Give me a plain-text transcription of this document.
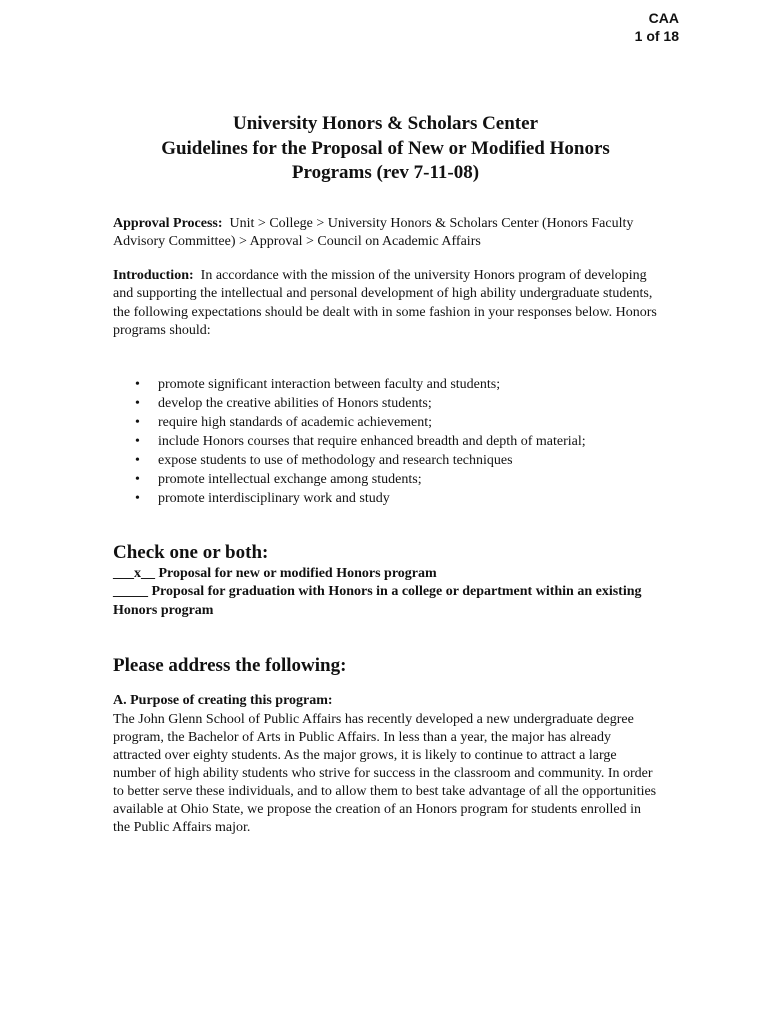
CAA
1 of 18
University Honors & Scholars Center
Guidelines for the Proposal of New or Modified Honors
Programs (rev 7-11-08)

Approval Process: Unit > College > University Honors & Scholars Center (Honors Faculty Advisory Committee) > Approval > Council on Academic Affairs

Introduction: In accordance with the mission of the university Honors program of developing and supporting the intellectual and personal development of high ability undergraduate students, the following expectations should be dealt with in some fashion in your responses below. Honors programs should:

• promote significant interaction between faculty and students;
• develop the creative abilities of Honors students;
• require high standards of academic achievement;
• include Honors courses that require enhanced breadth and depth of material;
• expose students to use of methodology and research techniques
• promote intellectual exchange among students;
• promote interdisciplinary work and study
Check one or both:

___x__ Proposal for new or modified Honors program

_____ Proposal for graduation with Honors in a college or department within an existing Honors program

Please address the following:

A. Purpose of creating this program:

The John Glenn School of Public Affairs has recently developed a new undergraduate degree program, the Bachelor of Arts in Public Affairs. In less than a year, the major has already attracted over eighty students. As the major grows, it is likely to continue to attract a large number of high ability students who strive for success in the classroom and community. In order to better serve these individuals, and to allow them to best take advantage of all the opportunities available at Ohio State, we propose the creation of an Honors program for students enrolled in the Public Affairs major.
